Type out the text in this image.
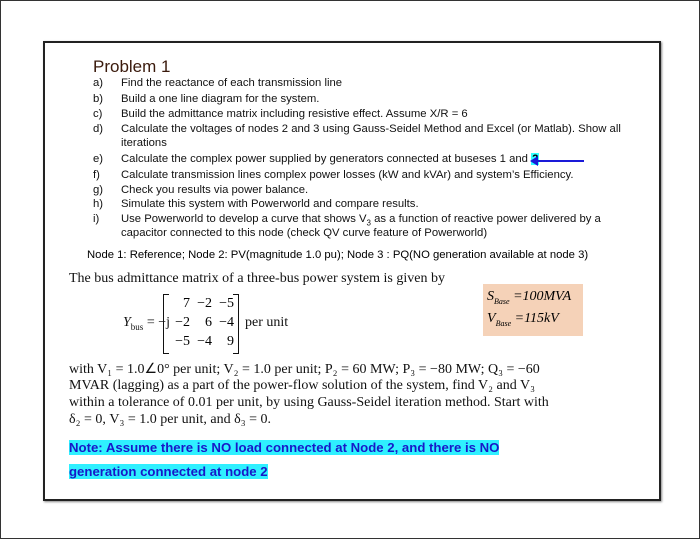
Problem 1
a) Find the reactance of each transmission line
b) Build a one line diagram for the system.
c) Build the admittance matrix including resistive effect. Assume X/R = 6
d) Calculate the voltages of nodes 2 and 3 using Gauss-Seidel Method and Excel (or Matlab). Show all
iterations
e) Calculate the complex power supplied by generators connected at buseses 1 and
f) Calculate transmission lines complex power losses (kW and kVAr) and system’s Efficiency.
g) Check you results via power balance.
h) Simulate this system with Powerworld and compare results.
i) Use Powerworld to develop a curve that shows $V_3$ as a function of reactive power delivered by a
capacitor connected to this node (check QV curve feature of Powerworld)
Node 1: Reference; Node 2: PV(magnitude 1.0 pu); Node 3 : PQ(NO generation available at node 3)
The bus admittance matrix of a three-bus power system is given by
$Y_{bus} = -j$
7 −2 −5
−2	6 −4
−5 −4	9
per unit
$S_{Base} =100MVA$
$V_{Base} =115kV$
with V₁ = 1.0∠0° per unit; V₂ = 1.0 per unit; P₂ = 60 MW; P₃ = −80 MW; Q₃ = −60
MVAR (lagging) as a part of the power-flow solution of the system, find V₂ and V₃
within a tolerance of 0.01 per unit, by using Gauss-Seidel iteration method. Start with
δ₂ = 0, V₃ = 1.0 per unit, and δ₃ = 0.
Note: Assume there is NO load connected at Node 2, and there is NO
generation connected at node 2
